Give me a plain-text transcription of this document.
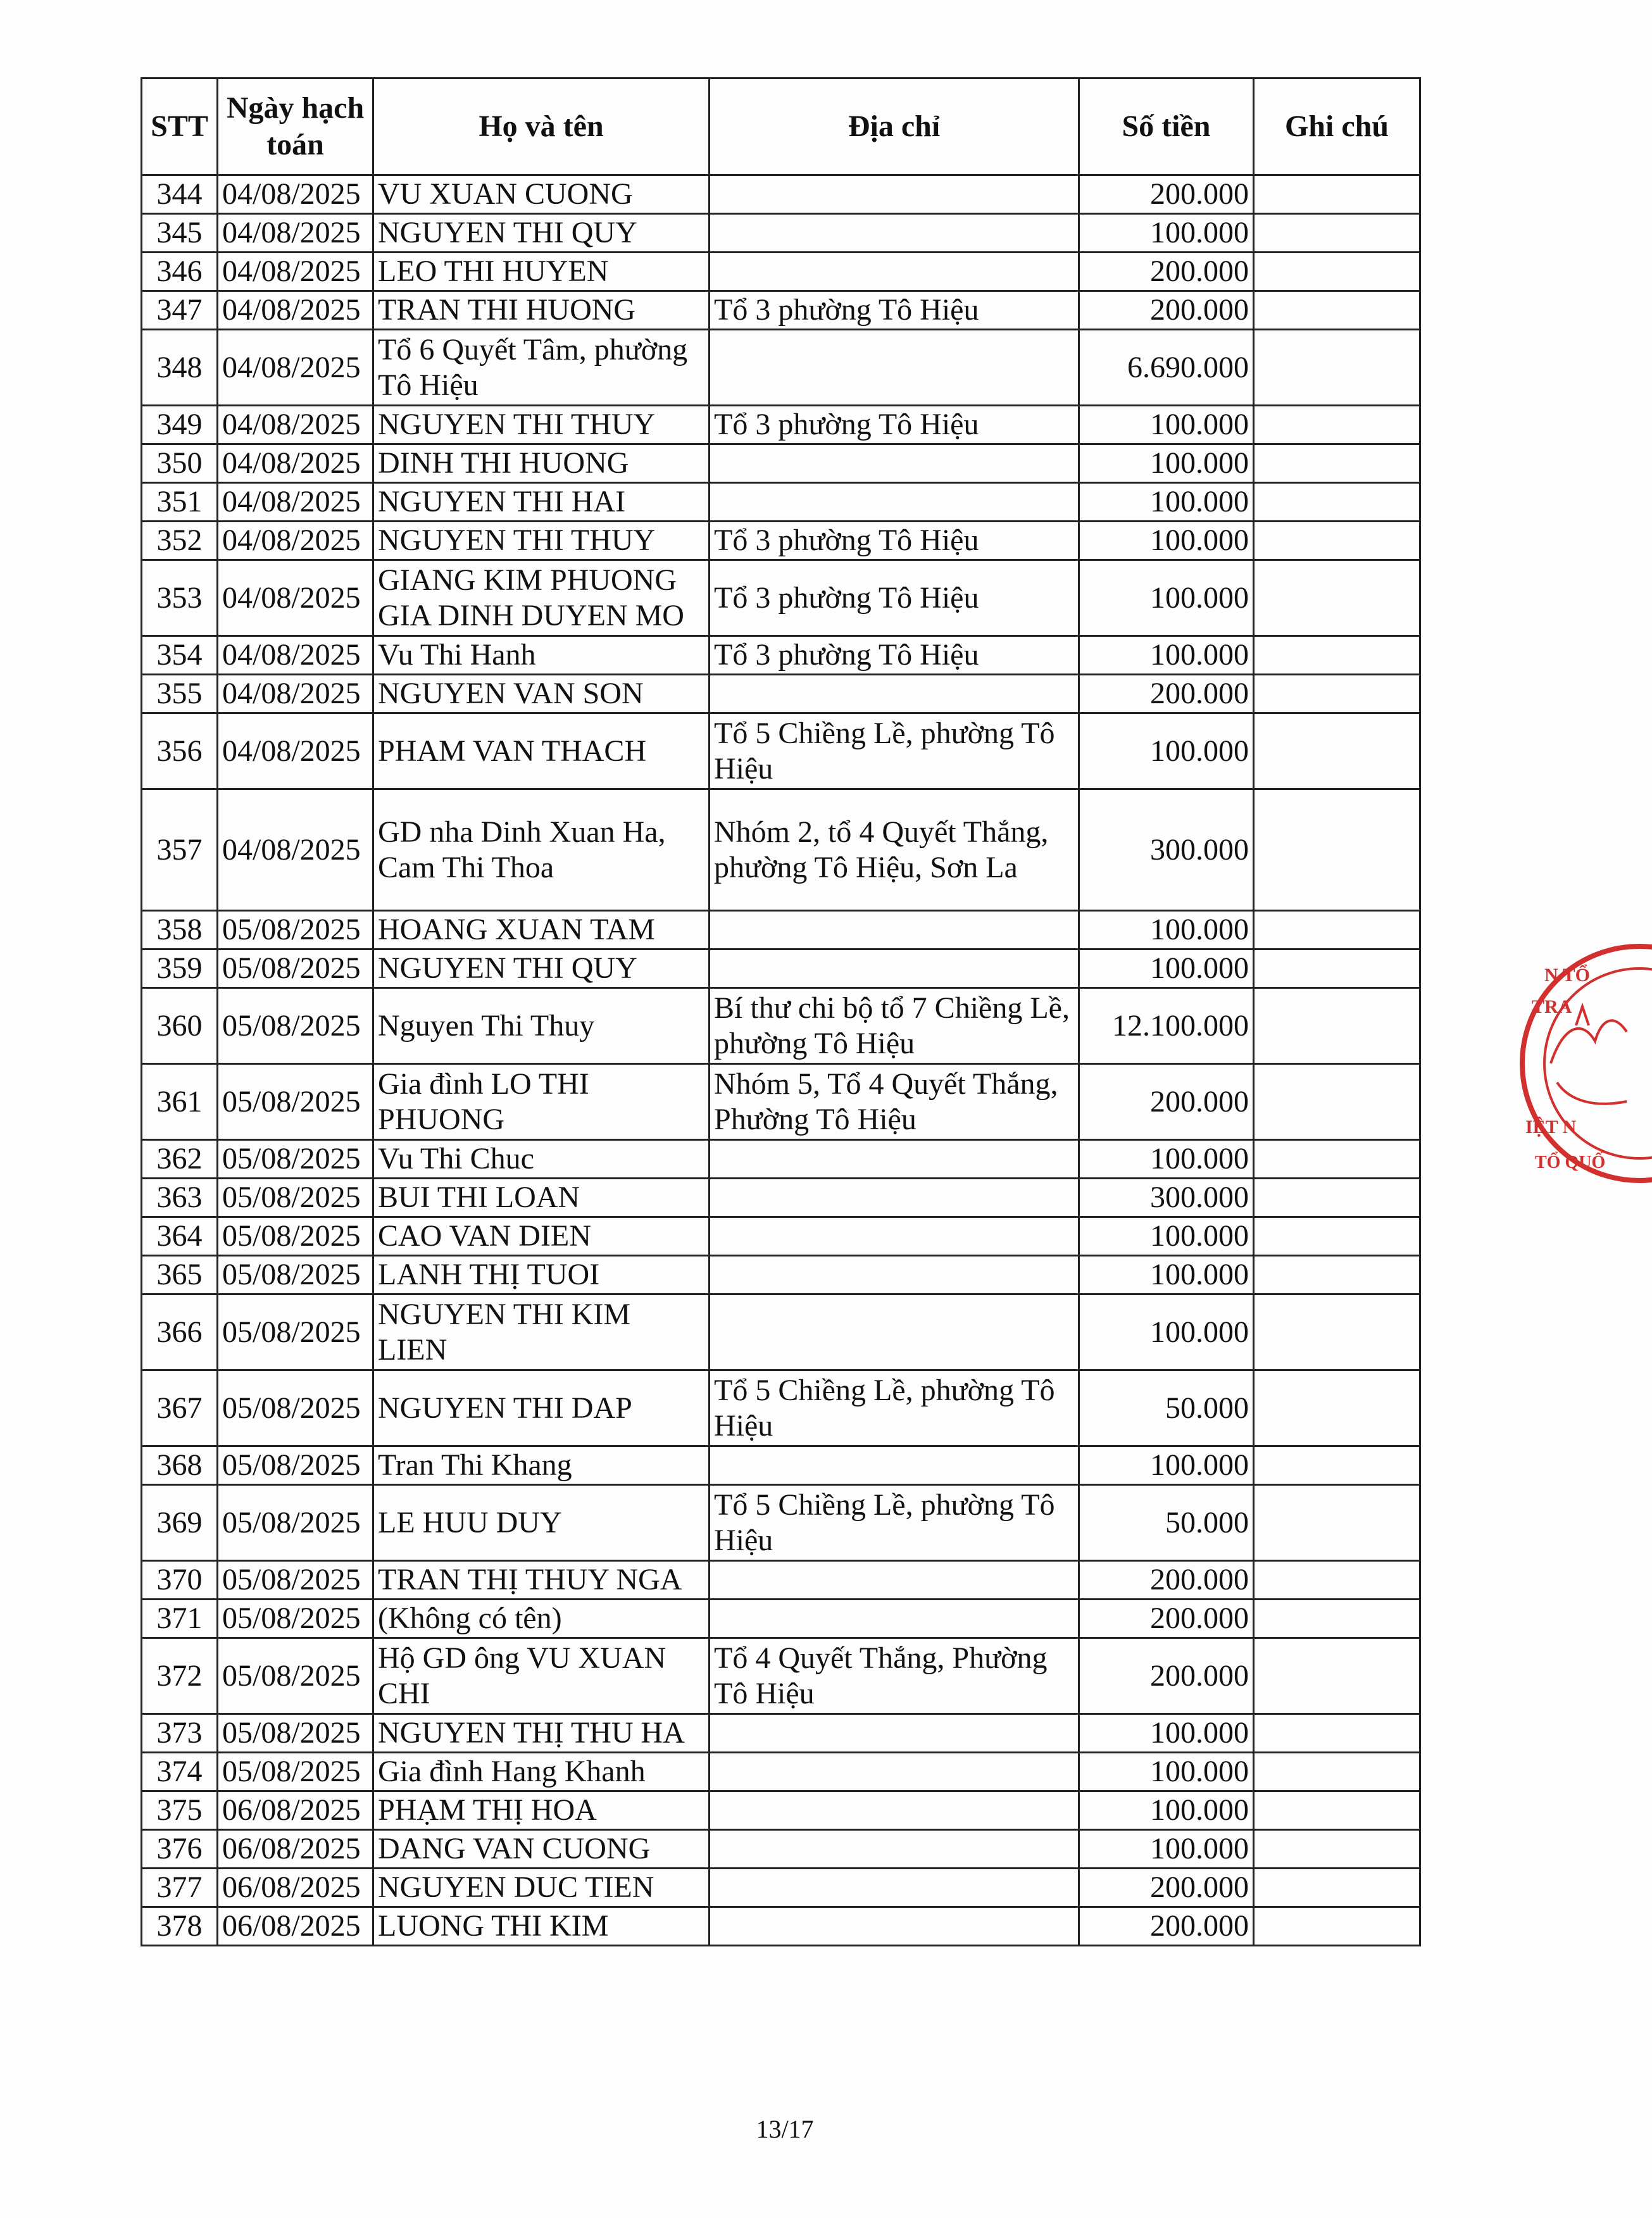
STT	Ngày hạch toán	Họ và tên	Địa chỉ	Số tiền	Ghi chú
344	04/08/2025	VU XUAN CUONG		200.000	
345	04/08/2025	NGUYEN THI QUY		100.000	
346	04/08/2025	LEO THI HUYEN		200.000	
347	04/08/2025	TRAN THI HUONG	Tổ 3 phường Tô Hiệu	200.000	
348	04/08/2025	Tổ 6 Quyết Tâm, phường Tô Hiệu		6.690.000	
349	04/08/2025	NGUYEN THI THUY	Tổ 3 phường Tô Hiệu	100.000	
350	04/08/2025	DINH THI HUONG		100.000	
351	04/08/2025	NGUYEN THI HAI		100.000	
352	04/08/2025	NGUYEN THI THUY	Tổ 3 phường Tô Hiệu	100.000	
353	04/08/2025	GIANG KIM PHUONG GIA DINH DUYEN MO	Tổ 3 phường Tô Hiệu	100.000	
354	04/08/2025	Vu Thi Hanh	Tổ 3 phường Tô Hiệu	100.000	
355	04/08/2025	NGUYEN VAN SON		200.000	
356	04/08/2025	PHAM VAN THACH	Tổ 5 Chiềng Lề, phường Tô Hiệu	100.000	
357	04/08/2025	GD nha Dinh Xuan Ha, Cam Thi Thoa	Nhóm 2, tổ 4 Quyết Thắng, phường Tô Hiệu, Sơn La	300.000	
358	05/08/2025	HOANG XUAN TAM		100.000	
359	05/08/2025	NGUYEN THI QUY		100.000	
360	05/08/2025	Nguyen Thi Thuy	Bí thư chi bộ tổ 7 Chiềng Lề, phường Tô Hiệu	12.100.000	
361	05/08/2025	Gia đình LO THI PHUONG	Nhóm 5, Tổ 4 Quyết Thắng, Phường Tô Hiệu	200.000	
362	05/08/2025	Vu Thi Chuc		100.000	
363	05/08/2025	BUI THI LOAN		300.000	
364	05/08/2025	CAO VAN DIEN		100.000	
365	05/08/2025	LANH THỊ TUOI		100.000	
366	05/08/2025	NGUYEN THI KIM LIEN		100.000	
367	05/08/2025	NGUYEN THI DAP	Tổ 5 Chiềng Lề, phường Tô Hiệu	50.000	
368	05/08/2025	Tran Thi Khang		100.000	
369	05/08/2025	LE HUU DUY	Tổ 5 Chiềng Lề, phường Tô Hiệu	50.000	
370	05/08/2025	TRAN THỊ THUY NGA		200.000	
371	05/08/2025	(Không có tên)		200.000	
372	05/08/2025	Hộ GD ông VU XUAN CHI	Tổ 4 Quyết Thắng, Phường Tô Hiệu	200.000	
373	05/08/2025	NGUYEN THỊ THU HA		100.000	
374	05/08/2025	Gia đình Hang Khanh		100.000	
375	06/08/2025	PHẠM THỊ HOA		100.000	
376	06/08/2025	DANG VAN CUONG		100.000	
377	06/08/2025	NGUYEN DUC TIEN		200.000	
378	06/08/2025	LUONG THI KIM		200.000	
N TỔ
TRA
IỆT N
TỔ QUỐ
13/17
